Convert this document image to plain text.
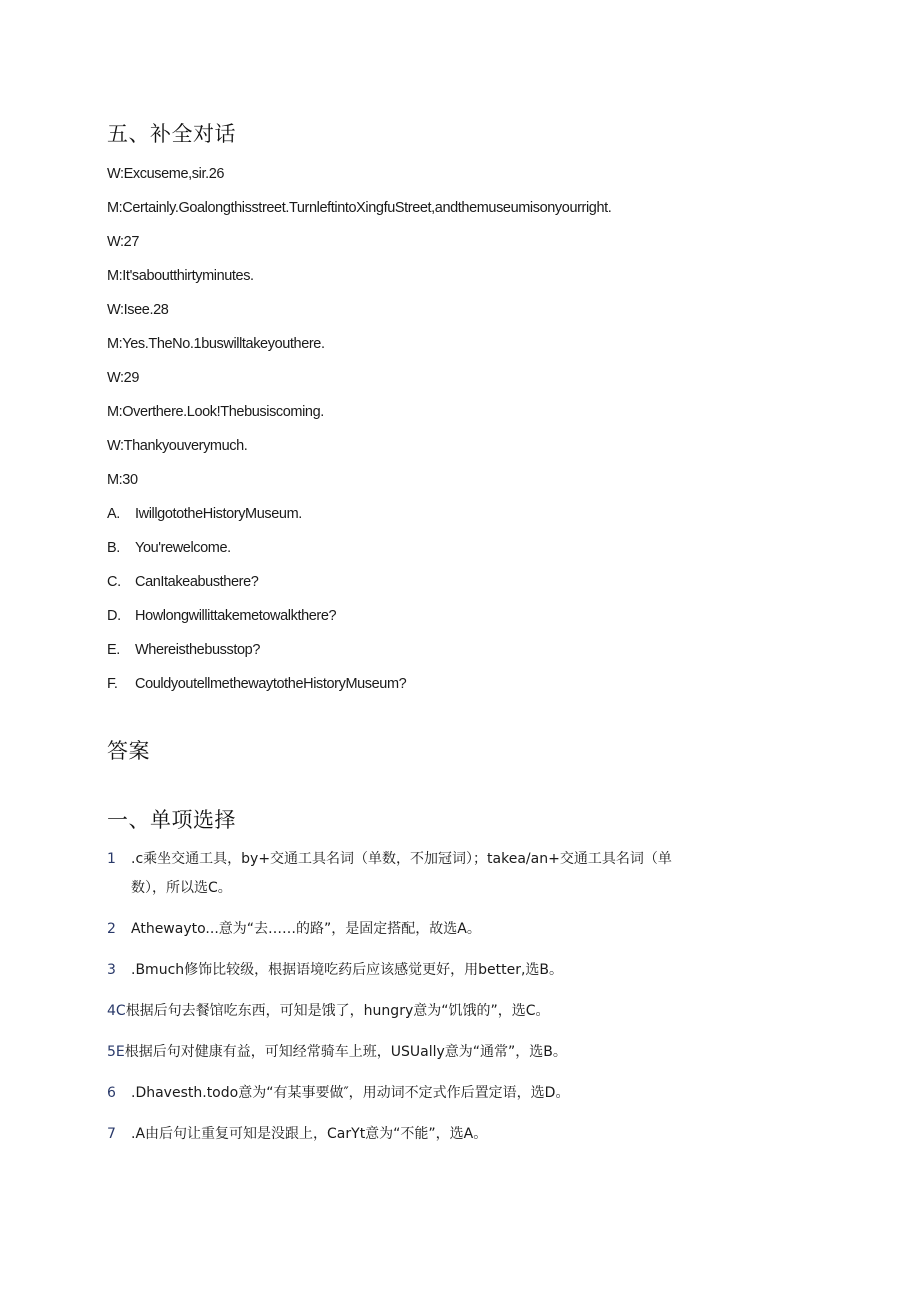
五、补全对话
W:Excuseme,sir.26
M:Certainly.Goalongthisstreet.TurnleftintoXingfuStreet,andthemuseumisonyourright.
W:27
M:It'saboutthirtyminutes.
W:Isee.28
M:Yes.TheNo.1buswilltakeyouthere.
W:29
M:Overthere.Look!Thebusiscoming.
W:Thankyouverymuch.
M:30
A. IwillgototheHistoryMuseum.
B. You'rewelcome.
C. CanItakeabusthere?
D. Howlongwillittakemetowalkthere?
E. Whereisthebusstop?
F. CouldyoutellmethewaytotheHistoryMuseum?
答案
一、单项选择
1 .c乘坐交通工具，by+交通工具名词（单数，不加冠词）；takea/an+交通工具名词（单
数），所以选C。
2 Athewayto...意为“去……的路”，是固定搭配，故选A。
3 .Bmuch修饰比较级，根据语境吃药后应该感觉更好，用better,选B。
4C根据后句去餐馆吃东西，可知是饿了，hungry意为“饥饿的”，选C。
5E根据后句对健康有益，可知经常骑车上班，USUally意为“通常”，选B。
6 .Dhavesth.todo意为“有某事要做″，用动词不定式作后置定语，选D。
7 .A由后句让重复可知是没跟上，CarYt意为“不能”，选A。
